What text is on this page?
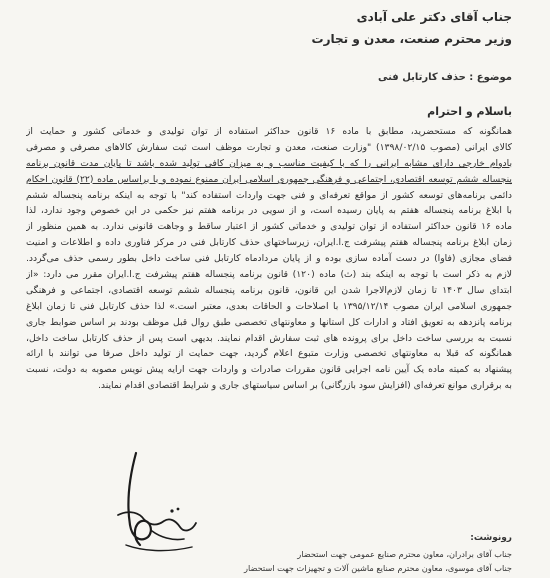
جناب آقای دکتر علی آبادی
وزیر محترم صنعت، معدن و تجارت
موضوع : حذف کارتابل فنی
باسلام و احترام
همانگونه که مستحضرید، مطابق با ماده ۱۶ قانون حداکثر استفاده از توان تولیدی و خدماتی کشور و حمایت از
کالای ایرانی (مصوب ۱۳۹۸/۰۲/۱۵) "وزارت صنعت، معدن و تجارت موظف است ثبت سفارش کالاهای مصرفی و مصرفی
بادوام خارجی دارای مشابه ایرانی را که با کیفیت مناسب و به میزان کافی تولید شده باشد تا پایان مدت قانون برنامه
پنجساله ششم توسعه اقتصادی، اجتماعی و فرهنگی جمهوری اسلامی ایران ممنوع نموده و با براساس ماده (۲۲) قانون احکام
دائمی برنامه‌های توسعه کشور از مواقع تعرفه‌ای و فنی جهت واردات استفاده کند" با توجه به اینکه برنامه پنجساله ششم
با ابلاغ برنامه پنجساله هفتم به پایان رسیده است، و از سویی در برنامه هفتم نیز حکمی در این خصوص وجود ندارد، لذا
ماده ۱۶ قانون حداکثر استفاده از توان تولیدی و خدماتی کشور از اعتبار ساقط و وجاهت قانونی ندارد. به همین منظور از
زمان ابلاغ برنامه پنجساله هفتم پیشرفت ج.ا.ایران، زیرساختهای حذف کارتابل فنی در مرکز فناوری داده و اطلاعات و امنیت
فضای مجازی (فاوا) در دست آماده سازی بوده و از پایان مردادماه کارتابل فنی ساخت داخل بطور رسمی حذف می‌گردد.
لازم به ذکر است با توجه به اینکه بند (ث) ماده (۱۲۰) قانون برنامه پنجساله هفتم پیشرفت ج.ا.ایران مقرر می دارد: «از
ابتدای سال ۱۴۰۳ تا زمان لازم‌الاجرا شدن این قانون، قانون برنامه پنجساله ششم توسعه اقتصادی، اجتماعی و فرهنگی
جمهوری اسلامی ایران مصوب ۱۳۹۵/۱۲/۱۴ با اصلاحات و الحاقات بعدی، معتبر است.» لذا حذف کارتابل فنی تا زمان ابلاغ
برنامه پانزدهه به تعویق افتاد و ادارات کل استانها و معاونتهای تخصصی طبق روال قبل موظف بودند بر اساس ضوابط جاری
نسبت به بررسی ساخت داخل برای پرونده های ثبت سفارش اقدام نمایند. بدیهی است پس از حذف کارتابل ساخت داخل،
همانگونه که قبلا به معاونتهای تخصصی وزارت متبوع اعلام گردید، جهت حمایت از تولید داخل صرفا می توانند با ارائه
پیشنهاد به کمیته ماده یک آیین نامه اجرایی قانون مقررات صادرات و واردات جهت ارایه پیش نویس مصوبه به دولت، نسبت
به برقراری موانع تعرفه‌ای (افزایش سود بازرگانی) بر اساس سیاستهای جاری و شرایط اقتصادی اقدام نمایند.
رونوشت:
جناب آقای برادران، معاون محترم صنایع عمومی جهت استحضار
جناب آقای موسوی، معاون محترم صنایع ماشین آلات و تجهیزات جهت استحضار
